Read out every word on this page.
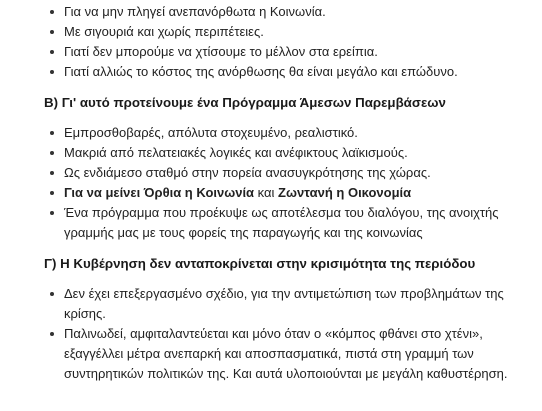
Για να μην πληγεί ανεπανόρθωτα η Κοινωνία.
Με σιγουριά και χωρίς περιπέτειες.
Γιατί δεν μπορούμε να χτίσουμε το μέλλον στα ερείπια.
Γιατί αλλιώς το κόστος της ανόρθωσης θα είναι μεγάλο και επώδυνο.
Β) Γι' αυτό προτείνουμε ένα Πρόγραμμα Άμεσων Παρεμβάσεων
Εμπροσθοβαρές, απόλυτα στοχευμένο, ρεαλιστικό.
Μακριά από πελατειακές λογικές και ανέφικτους λαϊκισμούς.
Ως ενδιάμεσο σταθμό στην πορεία ανασυγκρότησης της χώρας.
Για να μείνει Όρθια η Κοινωνία και Ζωντανή η Οικονομία
Ένα πρόγραμμα που προέκυψε ως αποτέλεσμα του διαλόγου, της ανοιχτής γραμμής μας με τους φορείς της παραγωγής και της κοινωνίας
Γ) Η Κυβέρνηση δεν ανταποκρίνεται στην κρισιμότητα της περιόδου
Δεν έχει επεξεργασμένο σχέδιο, για την αντιμετώπιση των προβλημάτων της κρίσης.
Παλινωδεί, αμφιταλαντεύεται και μόνο όταν ο «κόμπος φθάνει στο χτένι», εξαγγέλλει μέτρα ανεπαρκή και αποσπασματικά, πιστά στη γραμμή των συντηρητικών πολιτικών της. Και αυτά υλοποιούνται με μεγάλη καθυστέρηση.
